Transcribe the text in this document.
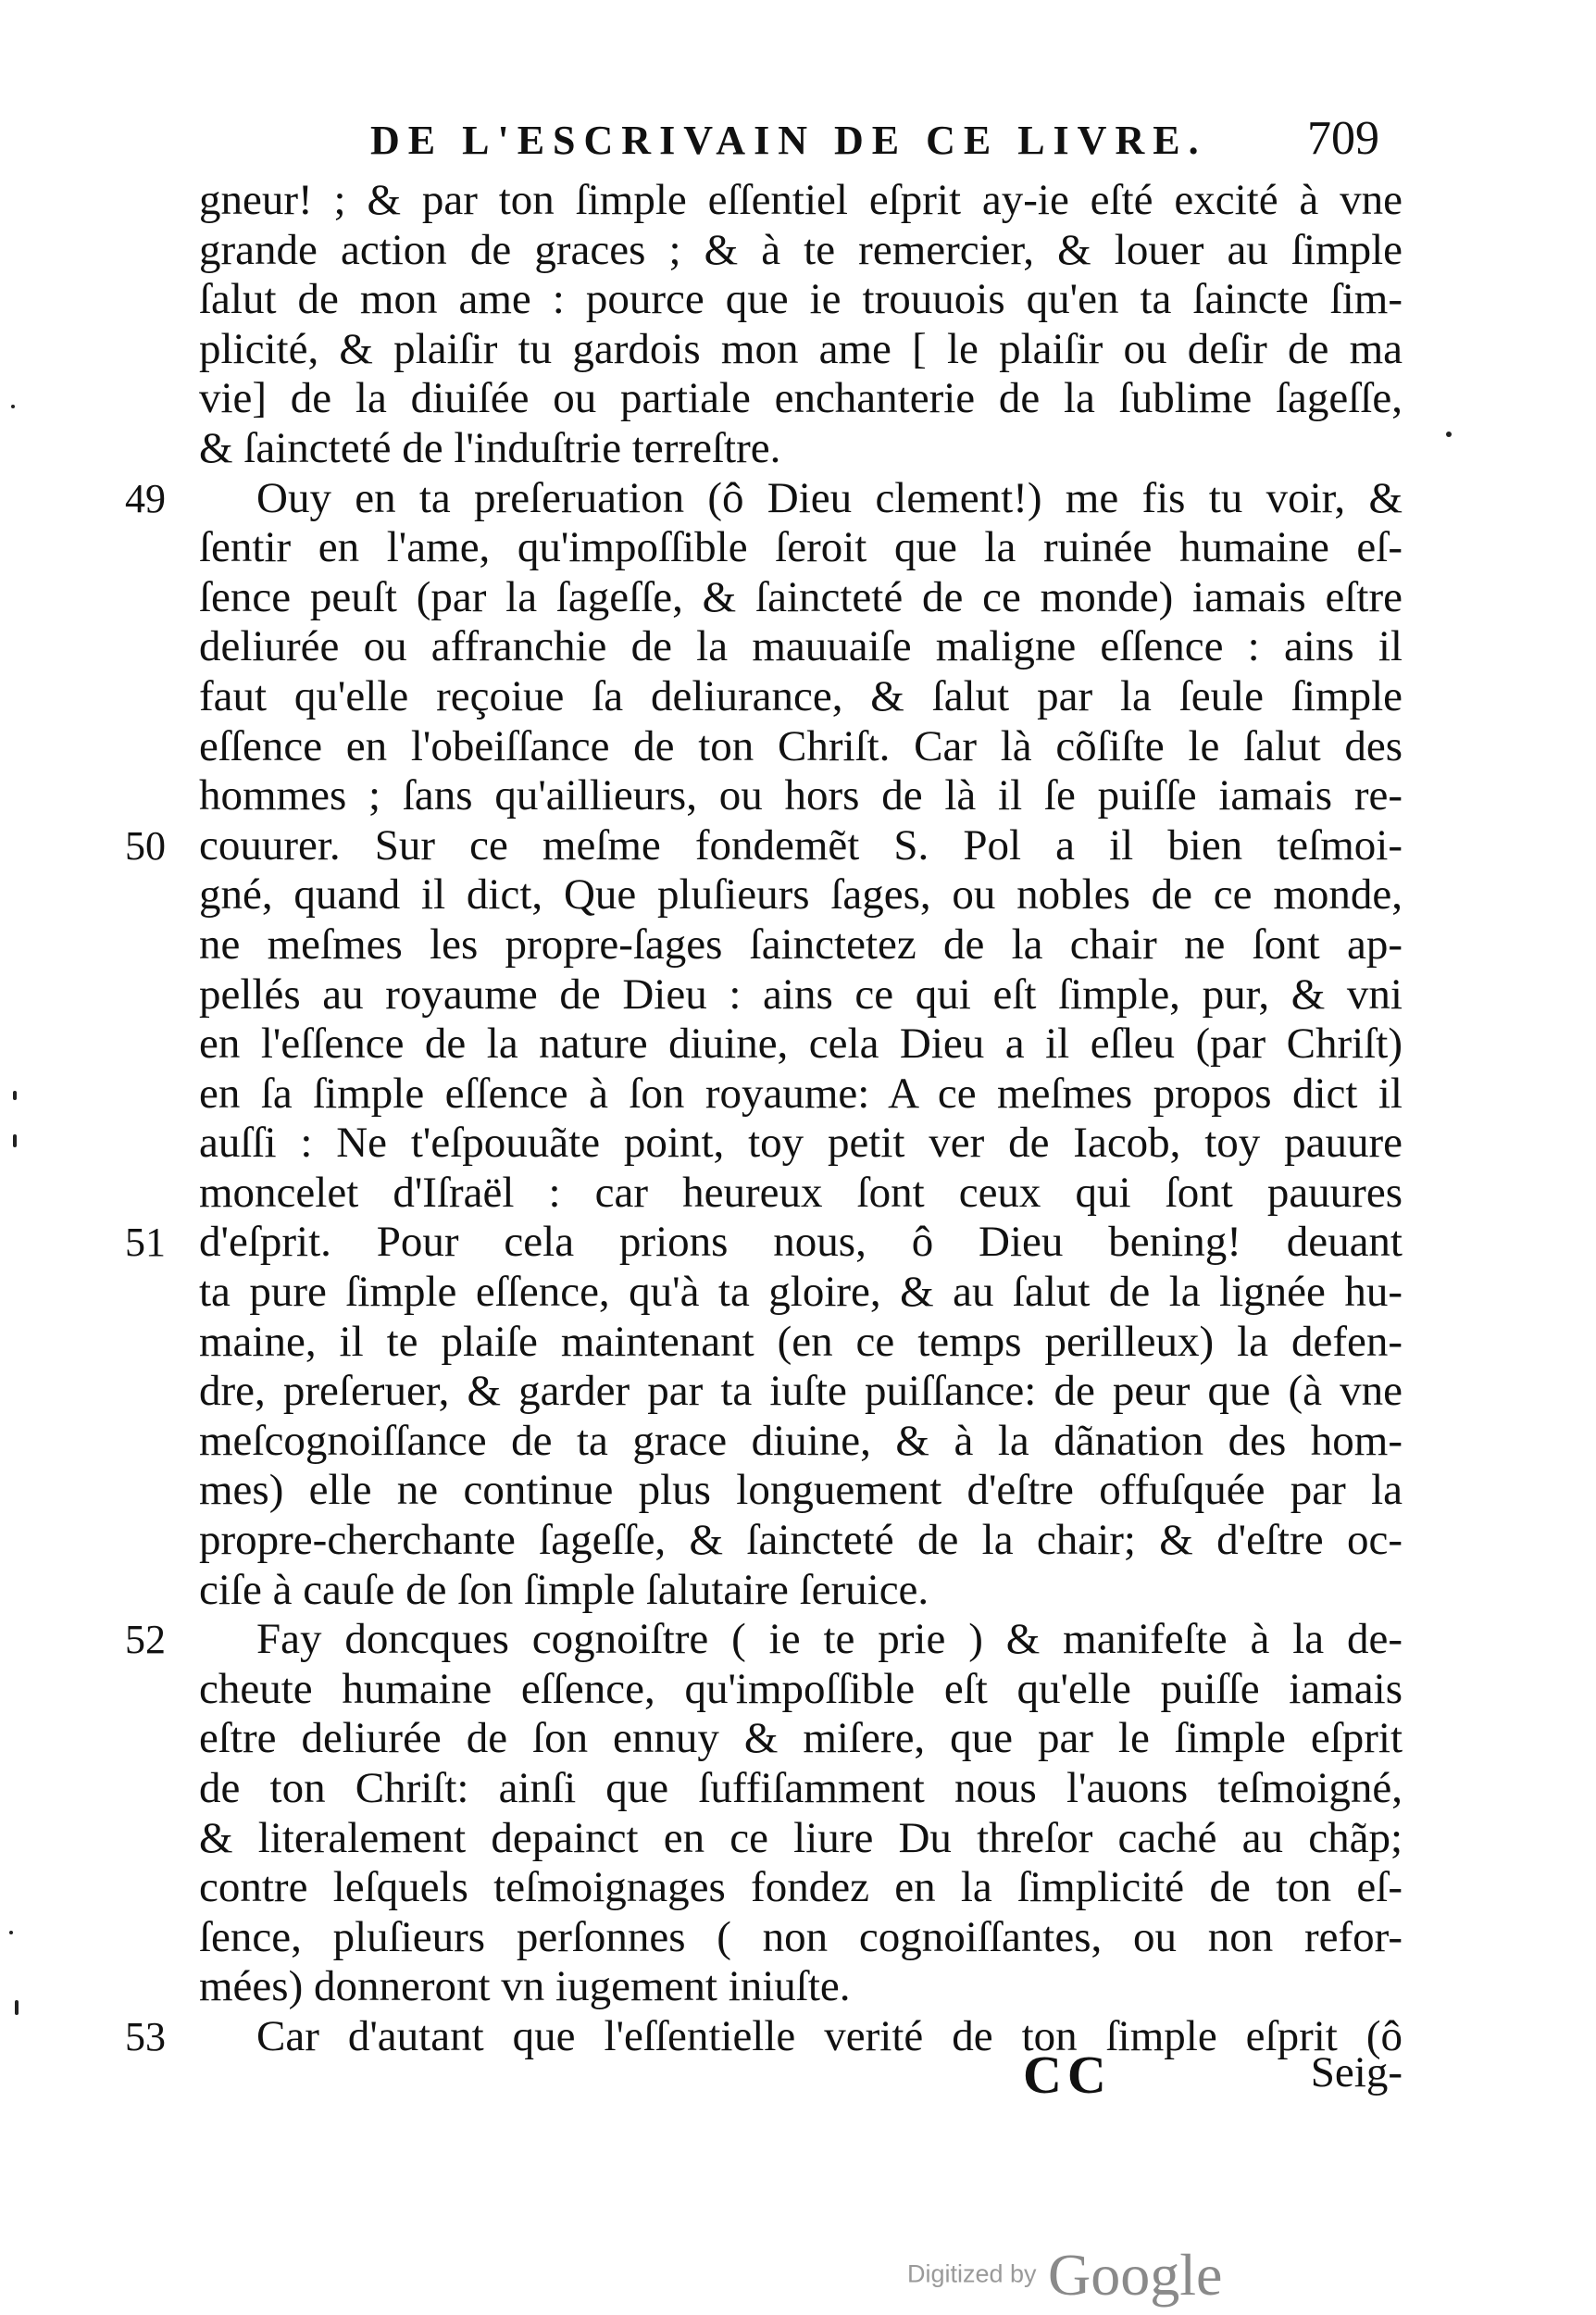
DE L'ESCRIVAIN DE CE LIVRE. 709
gneur! ; & par ton ſimple eſſentiel eſprit ay-ie eſté excité à vne
grande action de graces ; & à te remercier, & louer au ſimple
ſalut de mon ame : pource que ie trouuois qu'en ta ſaincte ſim-
plicité, & plaiſir tu gardois mon ame [ le plaiſir ou deſir de ma
vie] de la diuiſée ou partiale enchanterie de la ſublime ſageſſe,
& ſaincteté de l'induſtrie terreſtre.
49 Ouy en ta preſeruation (ô Dieu clement!) me fis tu voir, &
ſentir en l'ame, qu'impoſſible ſeroit que la ruinée humaine eſ-
ſence peuſt (par la ſageſſe, & ſaincteté de ce monde) iamais eſtre
deliurée ou affranchie de la mauuaiſe maligne eſſence : ains il
faut qu'elle reçoiue ſa deliurance, & ſalut par la ſeule ſimple
eſſence en l'obeiſſance de ton Chriſt. Car là cõſiſte le ſalut des
hommes ; ſans qu'aillieurs, ou hors de là il ſe puiſſe iamais re-
50 couurer. Sur ce meſme fondemẽt S. Pol a il bien teſmoi-
gné, quand il dict, Que pluſieurs ſages, ou nobles de ce monde,
ne meſmes les propre-ſages ſainctetez de la chair ne ſont ap-
pellés au royaume de Dieu : ains ce qui eſt ſimple, pur, & vni
en l'eſſence de la nature diuine, cela Dieu a il eſleu (par Chriſt)
en ſa ſimple eſſence à ſon royaume: A ce meſmes propos dict il
auſſi : Ne t'eſpouuãte point, toy petit ver de Iacob, toy pauure
moncelet d'Iſraël : car heureux ſont ceux qui ſont pauures
51 d'eſprit. Pour cela prions nous, ô Dieu bening! deuant
ta pure ſimple eſſence, qu'à ta gloire, & au ſalut de la lignée hu-
maine, il te plaiſe maintenant (en ce temps perilleux) la defen-
dre, preſeruer, & garder par ta iuſte puiſſance: de peur que (à vne
meſcognoiſſance de ta grace diuine, & à la dãnation des hom-
mes) elle ne continue plus longuement d'eſtre offuſquée par la
propre-cherchante ſageſſe, & ſaincteté de la chair; & d'eſtre oc-
ciſe à cauſe de ſon ſimple ſalutaire ſeruice.
52 Fay doncques cognoiſtre ( ie te prie ) & manifeſte à la de-
cheute humaine eſſence, qu'impoſſible eſt qu'elle puiſſe iamais
eſtre deliurée de ſon ennuy & miſere, que par le ſimple eſprit
de ton Chriſt: ainſi que ſuffiſamment nous l'auons teſmoigné,
& literalement depainct en ce liure Du threſor caché au chãp;
contre leſquels teſmoignages fondez en la ſimplicité de ton eſ-
ſence, pluſieurs perſonnes ( non cognoiſſantes, ou non refor-
mées) donneront vn iugement iniuſte.
53 Car d'autant que l'eſſentielle verité de ton ſimple eſprit (ô
CC	Seig-
Digitized by Google
